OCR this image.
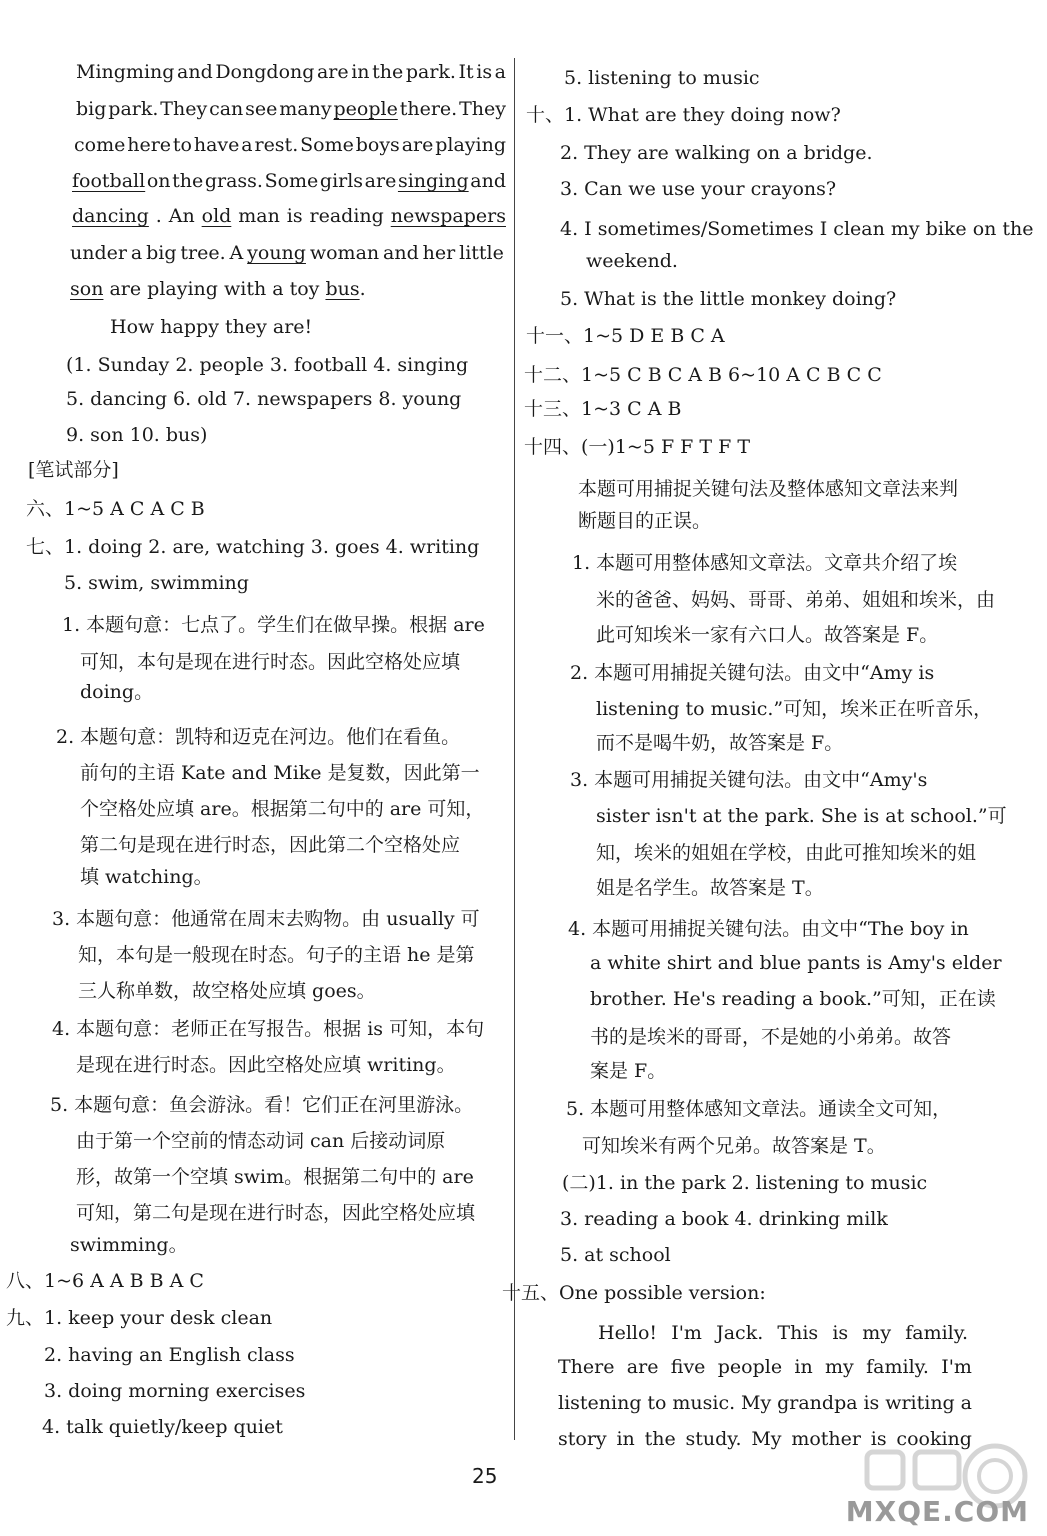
Mingming and Dongdong are in the park. It is a
big park. They can see many people there. They
come here to have a rest. Some boys are playing
football on the grass. Some girls are singing and
dancing . An old man is reading newspapers
under a big tree. A young woman and her little
son are playing with a toy bus.
How happy they are!
(1. Sunday 2. people 3. football 4. singing
5. dancing 6. old 7. newspapers 8. young
9. son 10. bus)
[笔试部分]
六、1~5 A C A C B
七、1. doing 2. are, watching 3. goes 4. writing
5. swim, swimming
1. 本题句意：七点了。学生们在做早操。根据 are
可知，本句是现在进行时态。因此空格处应填
doing。
2. 本题句意：凯特和迈克在河边。他们在看鱼。
前句的主语 Kate and Mike 是复数，因此第一
个空格处应填 are。根据第二句中的 are 可知，
第二句是现在进行时态，因此第二个空格处应
填 watching。
3. 本题句意：他通常在周末去购物。由 usually 可
知，本句是一般现在时态。句子的主语 he 是第
三人称单数，故空格处应填 goes。
4. 本题句意：老师正在写报告。根据 is 可知，本句
是现在进行时态。因此空格处应填 writing。
5. 本题句意：鱼会游泳。看！它们正在河里游泳。
由于第一个空前的情态动词 can 后接动词原
形，故第一个空填 swim。根据第二句中的 are
可知，第二句是现在进行时态，因此空格处应填
swimming。
八、1~6 A A B B A C
九、1. keep your desk clean
2. having an English class
3. doing morning exercises
4. talk quietly/keep quiet
5. listening to music
十、1. What are they doing now?
2. They are walking on a bridge.
3. Can we use your crayons?
4. I sometimes/Sometimes I clean my bike on the
weekend.
5. What is the little monkey doing?
十一、1~5 D E B C A
十二、1~5 C B C A B 6~10 A C B C C
十三、1~3 C A B
十四、(一)1~5 F F T F T
本题可用捕捉关键句法及整体感知文章法来判
断题目的正误。
1. 本题可用整体感知文章法。文章共介绍了埃
米的爸爸、妈妈、哥哥、弟弟、姐姐和埃米，由
此可知埃米一家有六口人。故答案是 F。
2. 本题可用捕捉关键句法。由文中“Amy is
listening to music.”可知，埃米正在听音乐，
而不是喝牛奶，故答案是 F。
3. 本题可用捕捉关键句法。由文中“Amy's
sister isn't at the park. She is at school.”可
知，埃米的姐姐在学校，由此可推知埃米的姐
姐是名学生。故答案是 T。
4. 本题可用捕捉关键句法。由文中“The boy in
a white shirt and blue pants is Amy's elder
brother. He's reading a book.”可知，正在读
书的是埃米的哥哥，不是她的小弟弟。故答
案是 F。
5. 本题可用整体感知文章法。通读全文可知，
可知埃米有两个兄弟。故答案是 T。
(二)1. in the park 2. listening to music
3. reading a book 4. drinking milk
5. at school
十五、One possible version:
Hello! I'm Jack. This is my family.
There are five people in my family. I'm
listening to music. My grandpa is writing a
story in the study. My mother is cooking
25
MXQE.COM
